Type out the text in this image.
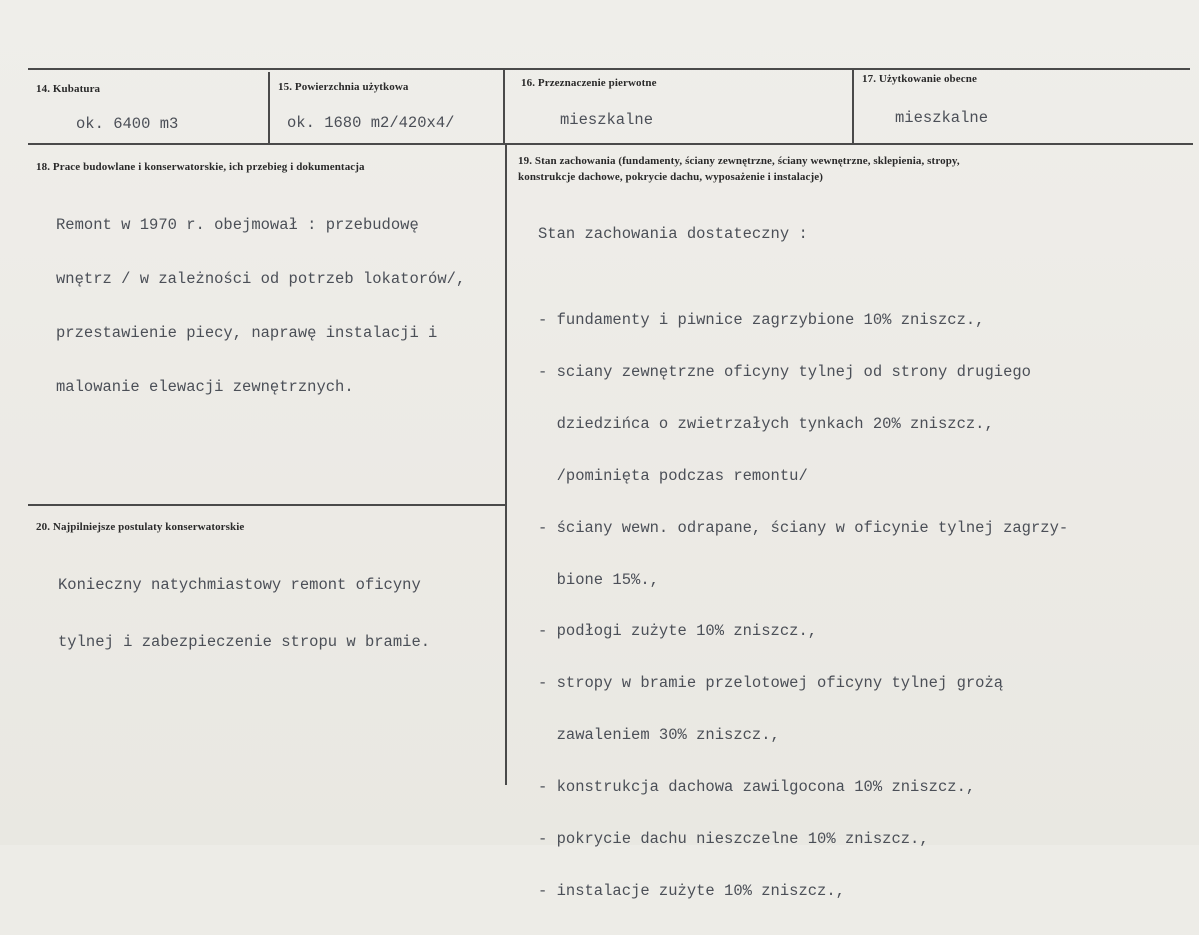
14. Kubatura
ok. 6400 m3
15. Powierzchnia użytkowa
ok. 1680 m2/420x4/
16. Przeznaczenie pierwotne
mieszkalne
17. Użytkowanie obecne
mieszkalne
18. Prace budowlane i konserwatorskie, ich przebieg i dokumentacja

Remont w 1970 r. obejmował : przebudowę

wnętrz / w zależności od potrzeb lokatorów/,

przestawienie piecy, naprawę instalacji i

malowanie elewacji zewnętrznych.

19. Stan zachowania (fundamenty, ściany zewnętrzne, ściany wewnętrzne, sklepienia, stropy,
konstrukcje dachowe, pokrycie dachu, wyposażenie i instalacje)

Stan zachowania dostateczny :

- fundamenty i piwnice zagrzybione 10% zniszcz.,

- sciany zewnętrzne oficyny tylnej od strony drugiego

dziedzińca o zwietrzałych tynkach 20% zniszcz.,

/pominięta podczas remontu/

- ściany wewn. odrapane, ściany w oficynie tylnej zagrzy-

bione 15%.,

- podłogi zużyte 10% zniszcz.,

- stropy w bramie przelotowej oficyny tylnej grożą

zawaleniem 30% zniszcz.,

- konstrukcja dachowa zawilgocona 10% zniszcz.,

- pokrycie dachu nieszczelne 10% zniszcz.,

- instalacje zużyte 10% zniszcz.,

20. Najpilniejsze postulaty konserwatorskie

Konieczny natychmiastowy remont oficyny

tylnej i zabezpieczenie stropu w bramie.
